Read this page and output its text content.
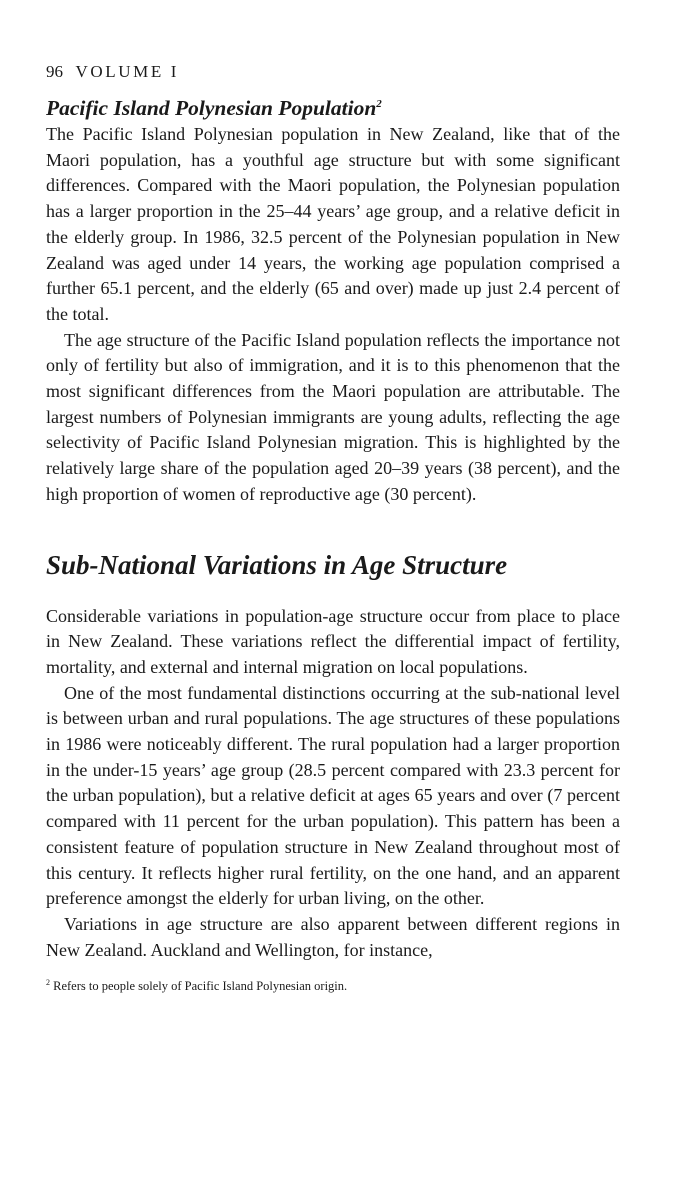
96 VOLUME I
Pacific Island Polynesian Population$^2$

The Pacific Island Polynesian population in New Zealand, like that of the Maori population, has a youthful age structure but with some significant differences. Compared with the Maori population, the Polynesian population has a larger proportion in the 25–44 years’ age group, and a relative deficit in the elderly group. In 1986, 32.5 percent of the Polynesian population in New Zealand was aged under 14 years, the working age population comprised a further 65.1 percent, and the elderly (65 and over) made up just 2.4 percent of the total.

The age structure of the Pacific Island population reflects the importance not only of fertility but also of immigration, and it is to this phenomenon that the most significant differences from the Maori population are attributable. The largest numbers of Polynesian immigrants are young adults, reflecting the age selectivity of Pacific Island Polynesian migration. This is highlighted by the relatively large share of the population aged 20–39 years (38 percent), and the high proportion of women of reproductive age (30 percent).

Sub-National Variations in Age Structure

Considerable variations in population-age structure occur from place to place in New Zealand. These variations reflect the differential impact of fertility, mortality, and external and internal migration on local populations.

One of the most fundamental distinctions occurring at the sub-national level is between urban and rural populations. The age structures of these populations in 1986 were noticeably different. The rural population had a larger proportion in the under-15 years’ age group (28.5 percent compared with 23.3 percent for the urban population), but a relative deficit at ages 65 years and over (7 percent compared with 11 percent for the urban population). This pattern has been a consistent feature of population structure in New Zealand throughout most of this century. It reflects higher rural fertility, on the one hand, and an apparent preference amongst the elderly for urban living, on the other.

Variations in age structure are also apparent between different regions in New Zealand. Auckland and Wellington, for instance,

$^2$ Refers to people solely of Pacific Island Polynesian origin.
